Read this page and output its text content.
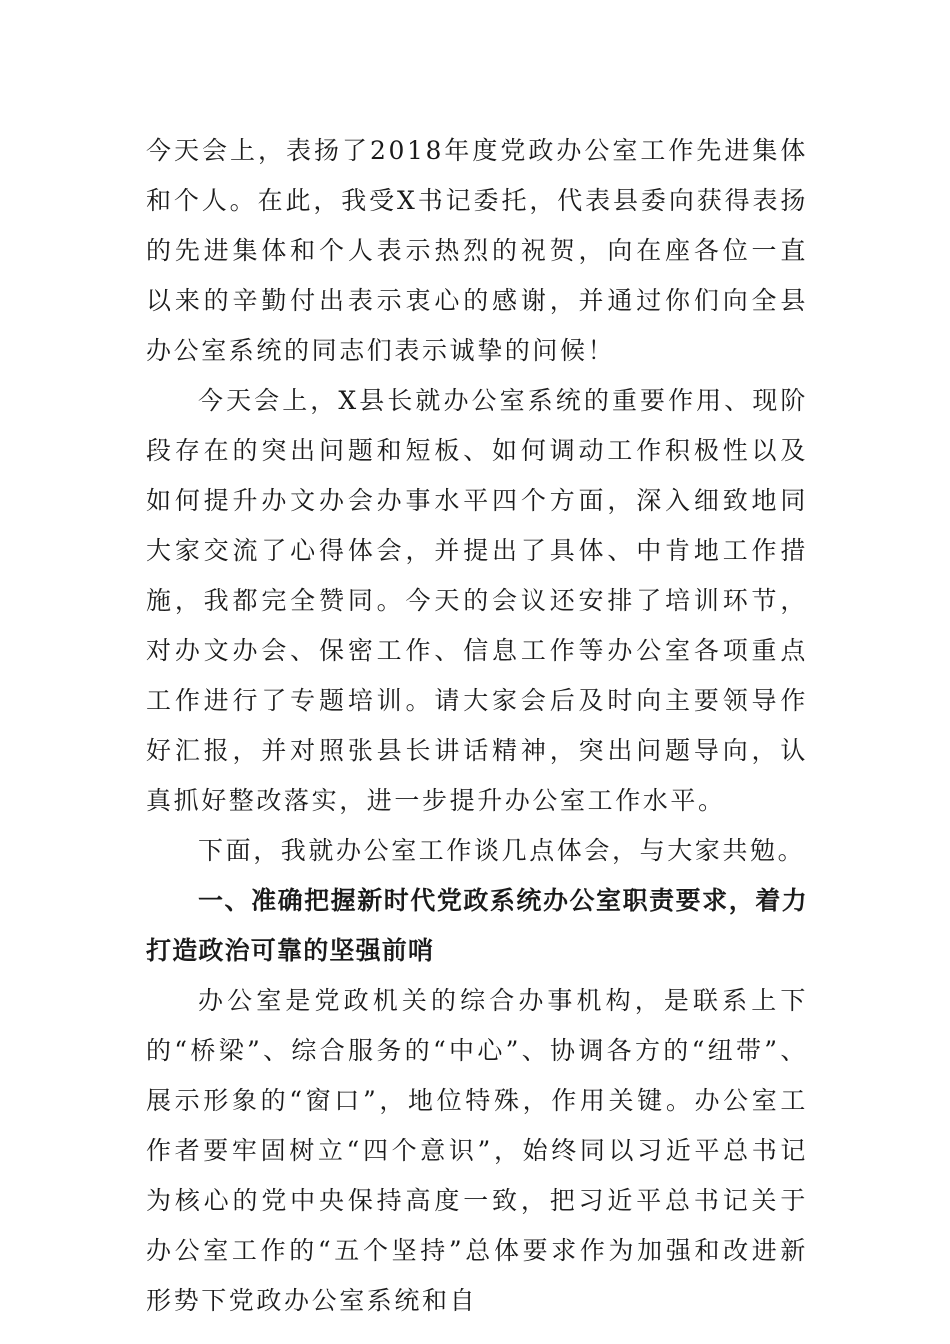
今天会上，表扬了2018年度党政办公室工作先进集体和个人。在此，我受X书记委托，代表县委向获得表扬的先进集体和个人表示热烈的祝贺，向在座各位一直以来的辛勤付出表示衷心的感谢，并通过你们向全县办公室系统的同志们表示诚挚的问候！

今天会上，X县长就办公室系统的重要作用、现阶段存在的突出问题和短板、如何调动工作积极性以及如何提升办文办会办事水平四个方面，深入细致地同大家交流了心得体会，并提出了具体、中肯地工作措施，我都完全赞同。今天的会议还安排了培训环节，对办文办会、保密工作、信息工作等办公室各项重点工作进行了专题培训。请大家会后及时向主要领导作好汇报，并对照张县长讲话精神，突出问题导向，认真抓好整改落实，进一步提升办公室工作水平。

下面，我就办公室工作谈几点体会，与大家共勉。

一、准确把握新时代党政系统办公室职责要求，着力打造政治可靠的坚强前哨

办公室是党政机关的综合办事机构，是联系上下的“桥梁”、综合服务的“中心”、协调各方的“纽带”、展示形象的“窗口”，地位特殊，作用关键。办公室工作者要牢固树立“四个意识”，始终同以习近平总书记为核心的党中央保持高度一致，把习近平总书记关于办公室工作的“五个坚持”总体要求作为加强和改进新形势下党政办公室系统和自
